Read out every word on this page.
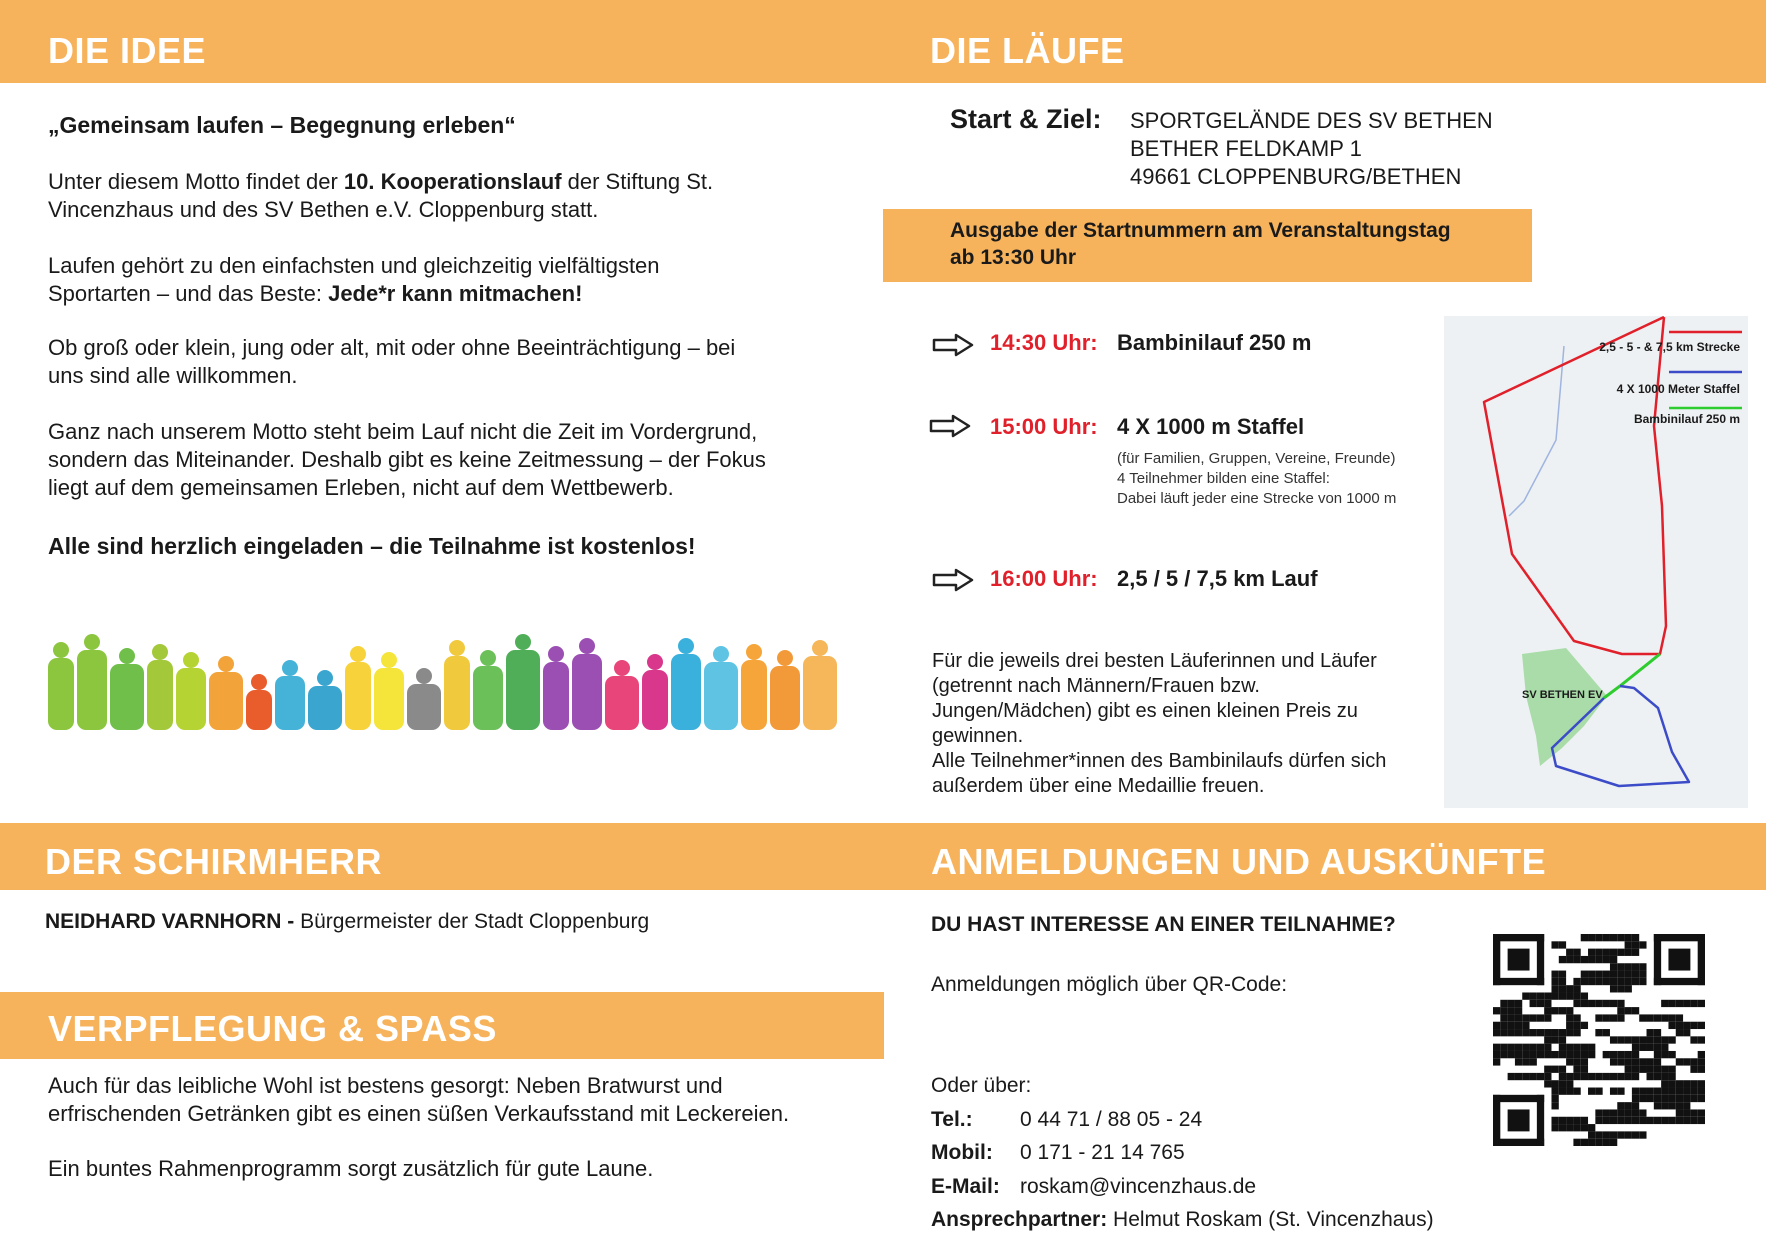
DIE IDEE
„Gemeinsam laufen – Begegnung erleben“
Unter diesem Motto findet der 10. Kooperationslauf der Stiftung St.
Vincenzhaus und des SV Bethen e.V. Cloppenburg statt.
Laufen gehört zu den einfachsten und gleichzeitig vielfältigsten
Sportarten – und das Beste: Jede*r kann mitmachen!
Ob groß oder klein, jung oder alt, mit oder ohne Beeinträchtigung – bei
uns sind alle willkommen.
Ganz nach unserem Motto steht beim Lauf nicht die Zeit im Vordergrund,
sondern das Miteinander. Deshalb gibt es keine Zeitmessung – der Fokus
liegt auf dem gemeinsamen Erleben, nicht auf dem Wettbewerb.
Alle sind herzlich eingeladen – die Teilnahme ist kostenlos!
DIE LÄUFE
Start & Ziel: SPORTGELÄNDE DES SV BETHEN
BETHER FELDKAMP 1
49661 CLOPPENBURG/BETHEN
Ausgabe der Startnummern am Veranstaltungstag
ab 13:30 Uhr
14:30 Uhr: Bambinilauf 250 m
15:00 Uhr: 4 X 1000 m Staffel
(für Familien, Gruppen, Vereine, Freunde)
4 Teilnehmer bilden eine Staffel:
Dabei läuft jeder eine Strecke von 1000 m
16:00 Uhr: 2,5 / 5 / 7,5 km Lauf
Für die jeweils drei besten Läuferinnen und Läufer
(getrennt nach Männern/Frauen bzw.
Jungen/Mädchen) gibt es einen kleinen Preis zu
gewinnen.
Alle Teilnehmer*innen des Bambinilaufs dürfen sich
außerdem über eine Medaillie freuen.
2,5 - 5 - & 7,5 km Strecke
4 X 1000 Meter Staffel
Bambinilauf 250 m
SV BETHEN EV
DER SCHIRMHERR
NEIDHARD VARNHORN - Bürgermeister der Stadt Cloppenburg
VERPFLEGUNG & SPASS
Auch für das leibliche Wohl ist bestens gesorgt: Neben Bratwurst und
erfrischenden Getränken gibt es einen süßen Verkaufsstand mit Leckereien.
Ein buntes Rahmenprogramm sorgt zusätzlich für gute Laune.
ANMELDUNGEN UND AUSKÜNFTE
DU HAST INTERESSE AN EINER TEILNAHME?
Anmeldungen möglich über QR-Code:
Oder über:
Tel.: 0 44 71 / 88 05 - 24
Mobil: 0 171 - 21 14 765
E-Mail: roskam@vincenzhaus.de
Ansprechpartner: Helmut Roskam (St. Vincenzhaus)
